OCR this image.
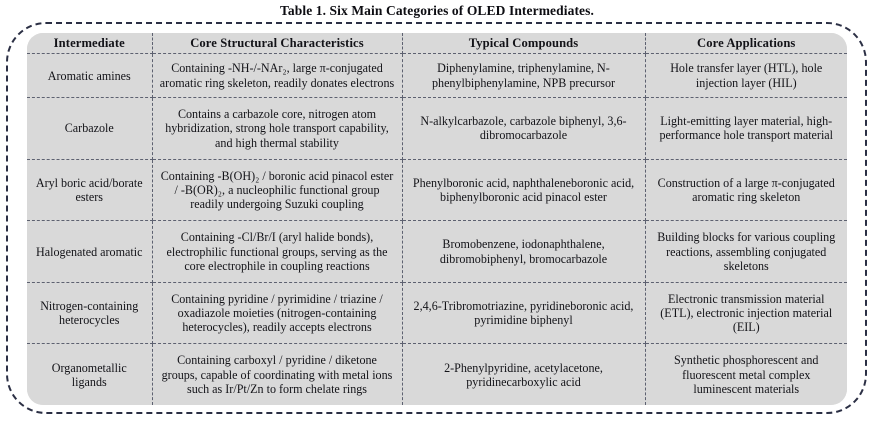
Table 1. Six Main Categories of OLED Intermediates.
Intermediate	Core Structural Characteristics	Typical Compounds	Core Applications
Aromatic amines	Containing -NH-/-NAr₂, large π-conjugated aromatic ring skeleton, readily donates electrons	Diphenylamine, triphenylamine, N-phenylbiphenylamine, NPB precursor	Hole transfer layer (HTL), hole injection layer (HIL)
Carbazole	Contains a carbazole core, nitrogen atom hybridization, strong hole transport capability, and high thermal stability	N-alkylcarbazole, carbazole biphenyl, 3,6-dibromocarbazole	Light-emitting layer material, high-performance hole transport material
Aryl boric acid/borate esters	Containing -B(OH)₂ / boronic acid pinacol ester / -B(OR)₂, a nucleophilic functional group readily undergoing Suzuki coupling	Phenylboronic acid, naphthaleneboronic acid, biphenylboronic acid pinacol ester	Construction of a large π-conjugated aromatic ring skeleton
Halogenated aromatic	Containing -Cl/Br/I (aryl halide bonds), electrophilic functional groups, serving as the core electrophile in coupling reactions	Bromobenzene, iodonaphthalene, dibromobiphenyl, bromocarbazole	Building blocks for various coupling reactions, assembling conjugated skeletons
Nitrogen-containing heterocycles	Containing pyridine / pyrimidine / triazine / oxadiazole moieties (nitrogen-containing heterocycles), readily accepts electrons	2,4,6-Tribromotriazine, pyridineboronic acid, pyrimidine biphenyl	Electronic transmission material (ETL), electronic injection material (EIL)
Organometallic ligands	Containing carboxyl / pyridine / diketone groups, capable of coordinating with metal ions such as Ir/Pt/Zn to form chelate rings	2-Phenylpyridine, acetylacetone, pyridinecarboxylic acid	Synthetic phosphorescent and fluorescent metal complex luminescent materials
